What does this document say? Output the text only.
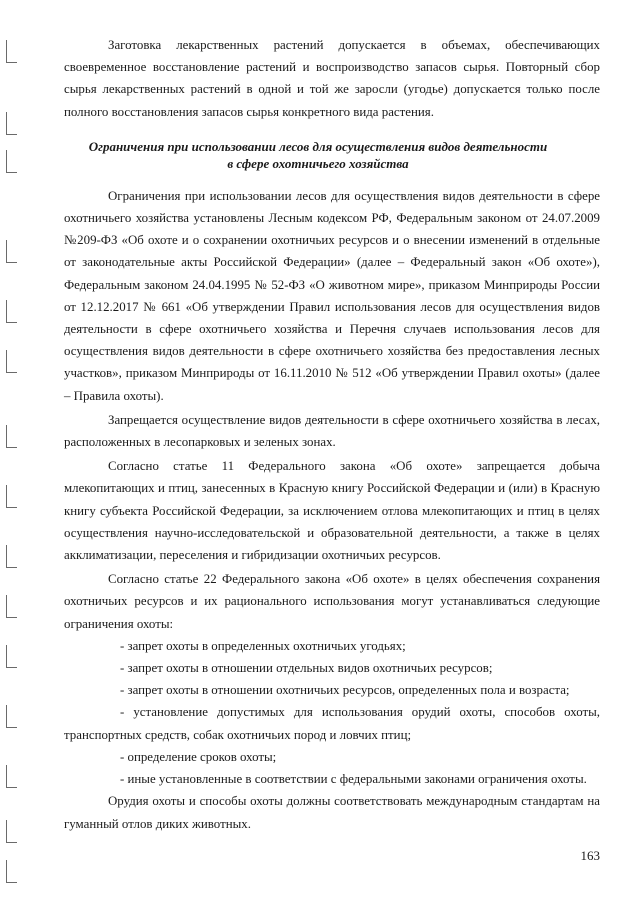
Заготовка лекарственных растений допускается в объемах, обеспечивающих своевременное восстановление растений и воспроизводство запасов сырья. Повторный сбор сырья лекарственных растений в одной и той же заросли (угодье) допускается только после полного восстановления запасов сырья конкретного вида растения.

Ограничения при использовании лесов для осуществления видов деятельности
в сфере охотничьего хозяйства

Ограничения при использовании лесов для осуществления видов деятельности в сфере охотничьего хозяйства установлены Лесным кодексом РФ, Федеральным законом от 24.07.2009 №209-ФЗ «Об охоте и о сохранении охотничьих ресурсов и о внесении изменений в отдельные от законодательные акты Российской Федерации» (далее – Федеральный закон «Об охоте»), Федеральным законом 24.04.1995 № 52-ФЗ «О животном мире», приказом Минприроды России от 12.12.2017 № 661 «Об утверждении Правил использования лесов для осуществления видов деятельности в сфере охотничьего хозяйства и Перечня случаев использования лесов для осуществления видов деятельности в сфере охотничьего хозяйства без предоставления лесных участков», приказом Минприроды от 16.11.2010 № 512 «Об утверждении Правил охоты» (далее – Правила охоты).

Запрещается осуществление видов деятельности в сфере охотничьего хозяйства в лесах, расположенных в лесопарковых и зеленых зонах.

Согласно статье 11 Федерального закона «Об охоте» запрещается добыча млекопитающих и птиц, занесенных в Красную книгу Российской Федерации и (или) в Красную книгу субъекта Российской Федерации, за исключением отлова млекопитающих и птиц в целях осуществления научно-исследовательской и образовательной деятельности, а также в целях акклиматизации, переселения и гибридизации охотничьих ресурсов.

Согласно статье 22 Федерального закона «Об охоте» в целях обеспечения сохранения охотничьих ресурсов и их рационального использования могут устанавливаться следующие ограничения охоты:

- запрет охоты в определенных охотничьих угодьях;
- запрет охоты в отношении отдельных видов охотничьих ресурсов;
- запрет охоты в отношении охотничьих ресурсов, определенных пола и возраста;
- установление допустимых для использования орудий охоты, способов охоты, транспортных средств, собак охотничьих пород и ловчих птиц;
- определение сроков охоты;
- иные установленные в соответствии с федеральными законами ограничения охоты.

Орудия охоты и способы охоты должны соответствовать международным стандартам на гуманный отлов диких животных.

163
